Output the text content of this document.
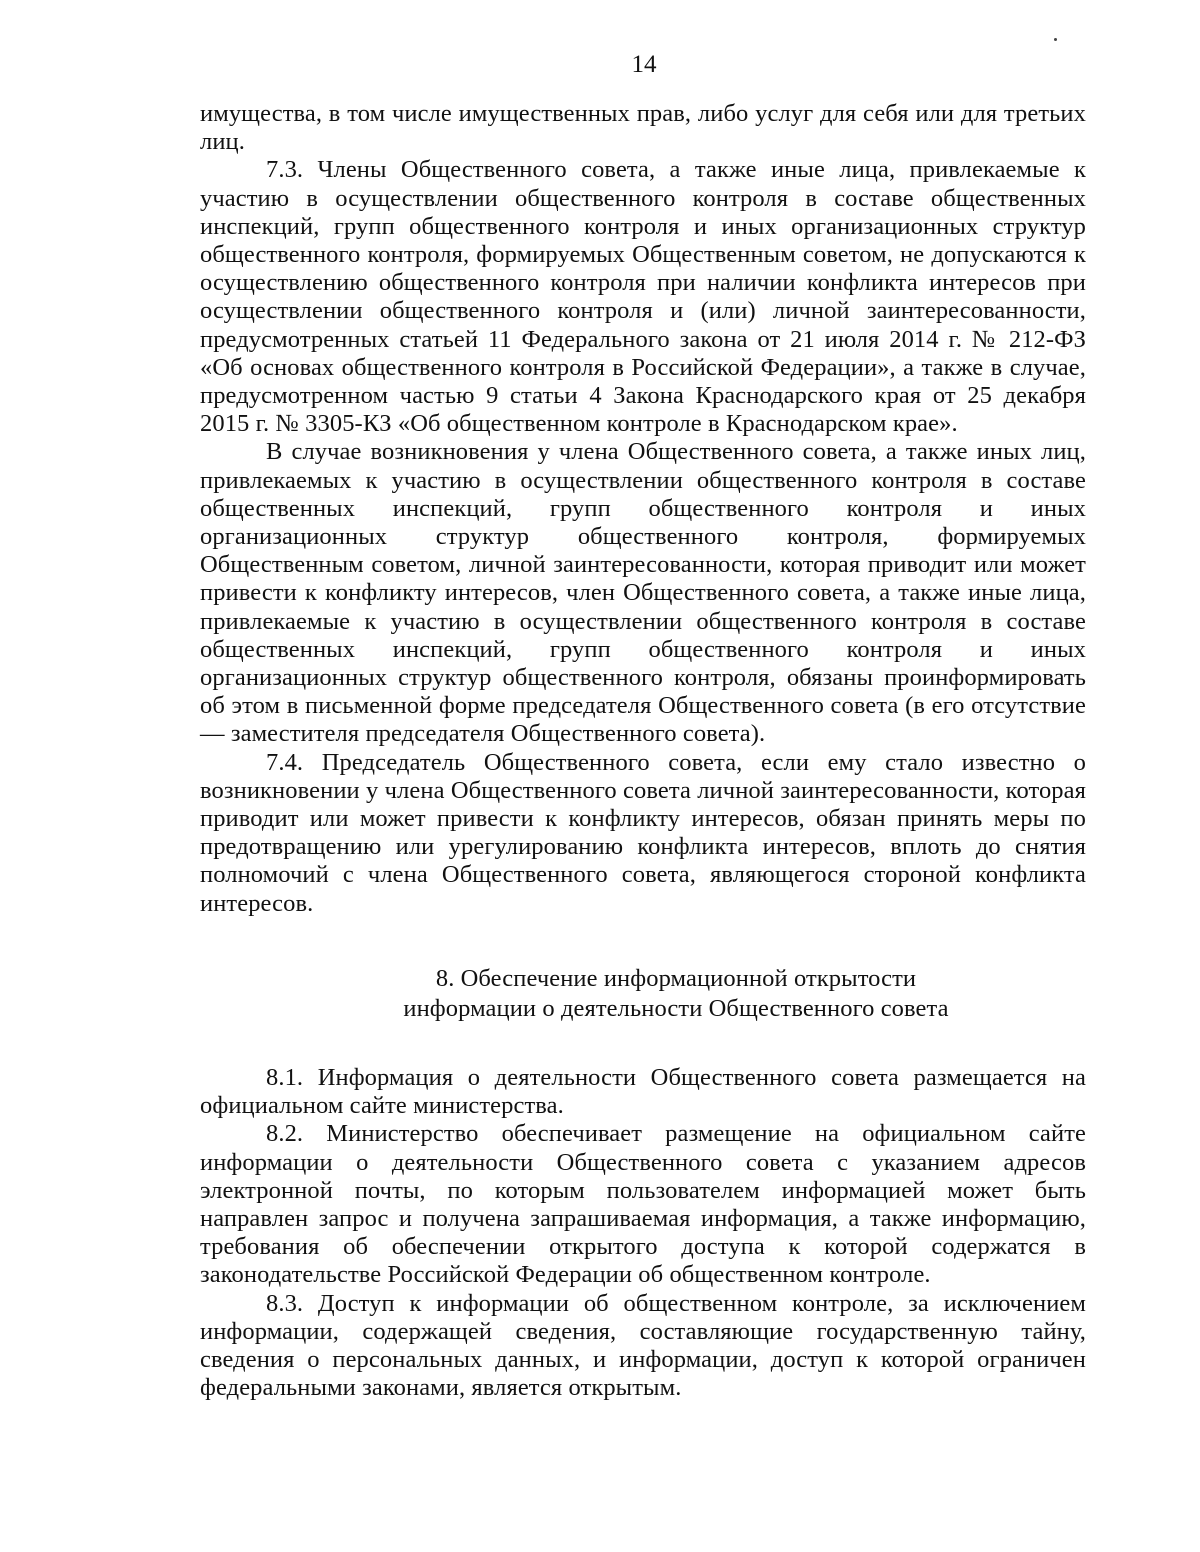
14

имущества, в том числе имущественных прав, либо услуг для себя или для третьих лиц.

7.3. Члены Общественного совета, а также иные лица, привлекаемые к участию в осуществлении общественного контроля в составе общественных инспекций, групп общественного контроля и иных организационных структур общественного контроля, формируемых Общественным советом, не допускаются к осуществлению общественного контроля при наличии конфликта интересов при осуществлении общественного контроля и (или) личной заинтересованности, предусмотренных статьей 11 Федерального закона от 21 июля 2014 г. № 212-ФЗ «Об основах общественного контроля в Российской Федерации», а также в случае, предусмотренном частью 9 статьи 4 Закона Краснодарского края от 25 декабря 2015 г. № 3305-КЗ «Об общественном контроле в Краснодарском крае».

В случае возникновения у члена Общественного совета, а также иных лиц, привлекаемых к участию в осуществлении общественного контроля в составе общественных инспекций, групп общественного контроля и иных организационных структур общественного контроля, формируемых Общественным советом, личной заинтересованности, которая приводит или может привести к конфликту интересов, член Общественного совета, а также иные лица, привлекаемые к участию в осуществлении общественного контроля в составе общественных инспекций, групп общественного контроля и иных организационных структур общественного контроля, обязаны проинформировать об этом в письменной форме председателя Общественного совета (в его отсутствие — заместителя председателя Общественного совета).

7.4. Председатель Общественного совета, если ему стало известно о возникновении у члена Общественного совета личной заинтересованности, которая приводит или может привести к конфликту интересов, обязан принять меры по предотвращению или урегулированию конфликта интересов, вплоть до снятия полномочий с члена Общественного совета, являющегося стороной конфликта интересов.

8. Обеспечение информационной открытости

информации о деятельности Общественного совета

8.1. Информация о деятельности Общественного совета размещается на официальном сайте министерства.

8.2. Министерство обеспечивает размещение на официальном сайте информации о деятельности Общественного совета с указанием адресов электронной почты, по которым пользователем информацией может быть направлен запрос и получена запрашиваемая информация, а также информацию, требования об обеспечении открытого доступа к которой содержатся в законодательстве Российской Федерации об общественном контроле.

8.3. Доступ к информации об общественном контроле, за исключением информации, содержащей сведения, составляющие государственную тайну, сведения о персональных данных, и информации, доступ к которой ограничен федеральными законами, является открытым.
